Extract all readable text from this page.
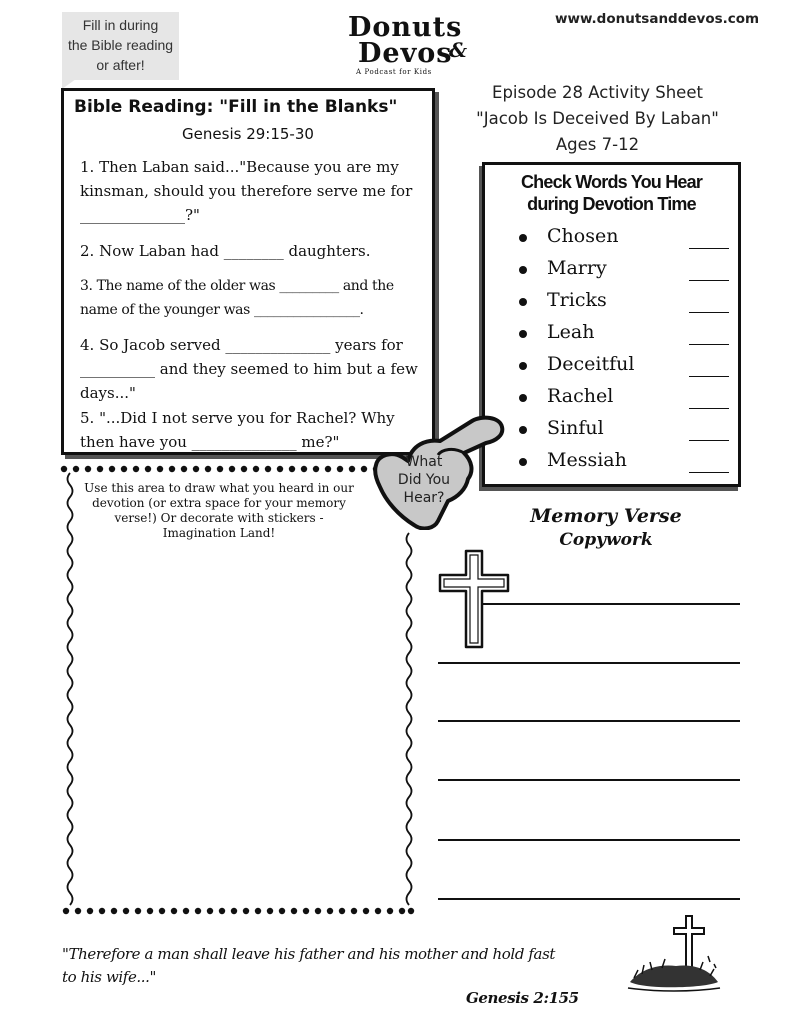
Fill in during
the Bible reading
or after!
Donuts
Devos
&
A Podcast for Kids
www.donutsanddevos.com
Episode 28 Activity Sheet
"Jacob Is Deceived By Laban"
Ages 7-12
Bible Reading: "Fill in the Blanks"
Genesis 29:15-30
1. Then Laban said..."Because you are my kinsman, should you therefore serve me for ______________?"
2. Now Laban had ________ daughters.
3. The name of the older was _________ and the name of the younger was ________________.
4. So Jacob served ______________ years for __________ and they seemed to him but a few days..."
5. "...Did I not serve you for Rachel? Why then have you ______________ me?"
Check Words You Hear
during Devotion Time
Chosen
Marry
Tricks
Leah
Deceitful
Rachel
Sinful
Messiah
Use this area to draw what you heard in our devotion (or extra space for your memory verse!) Or decorate with stickers - Imagination Land!
What
Did You
Hear?
Memory Verse
Copywork
"Therefore a man shall leave his father and his mother and hold fast to his wife..."
Genesis 2:155
